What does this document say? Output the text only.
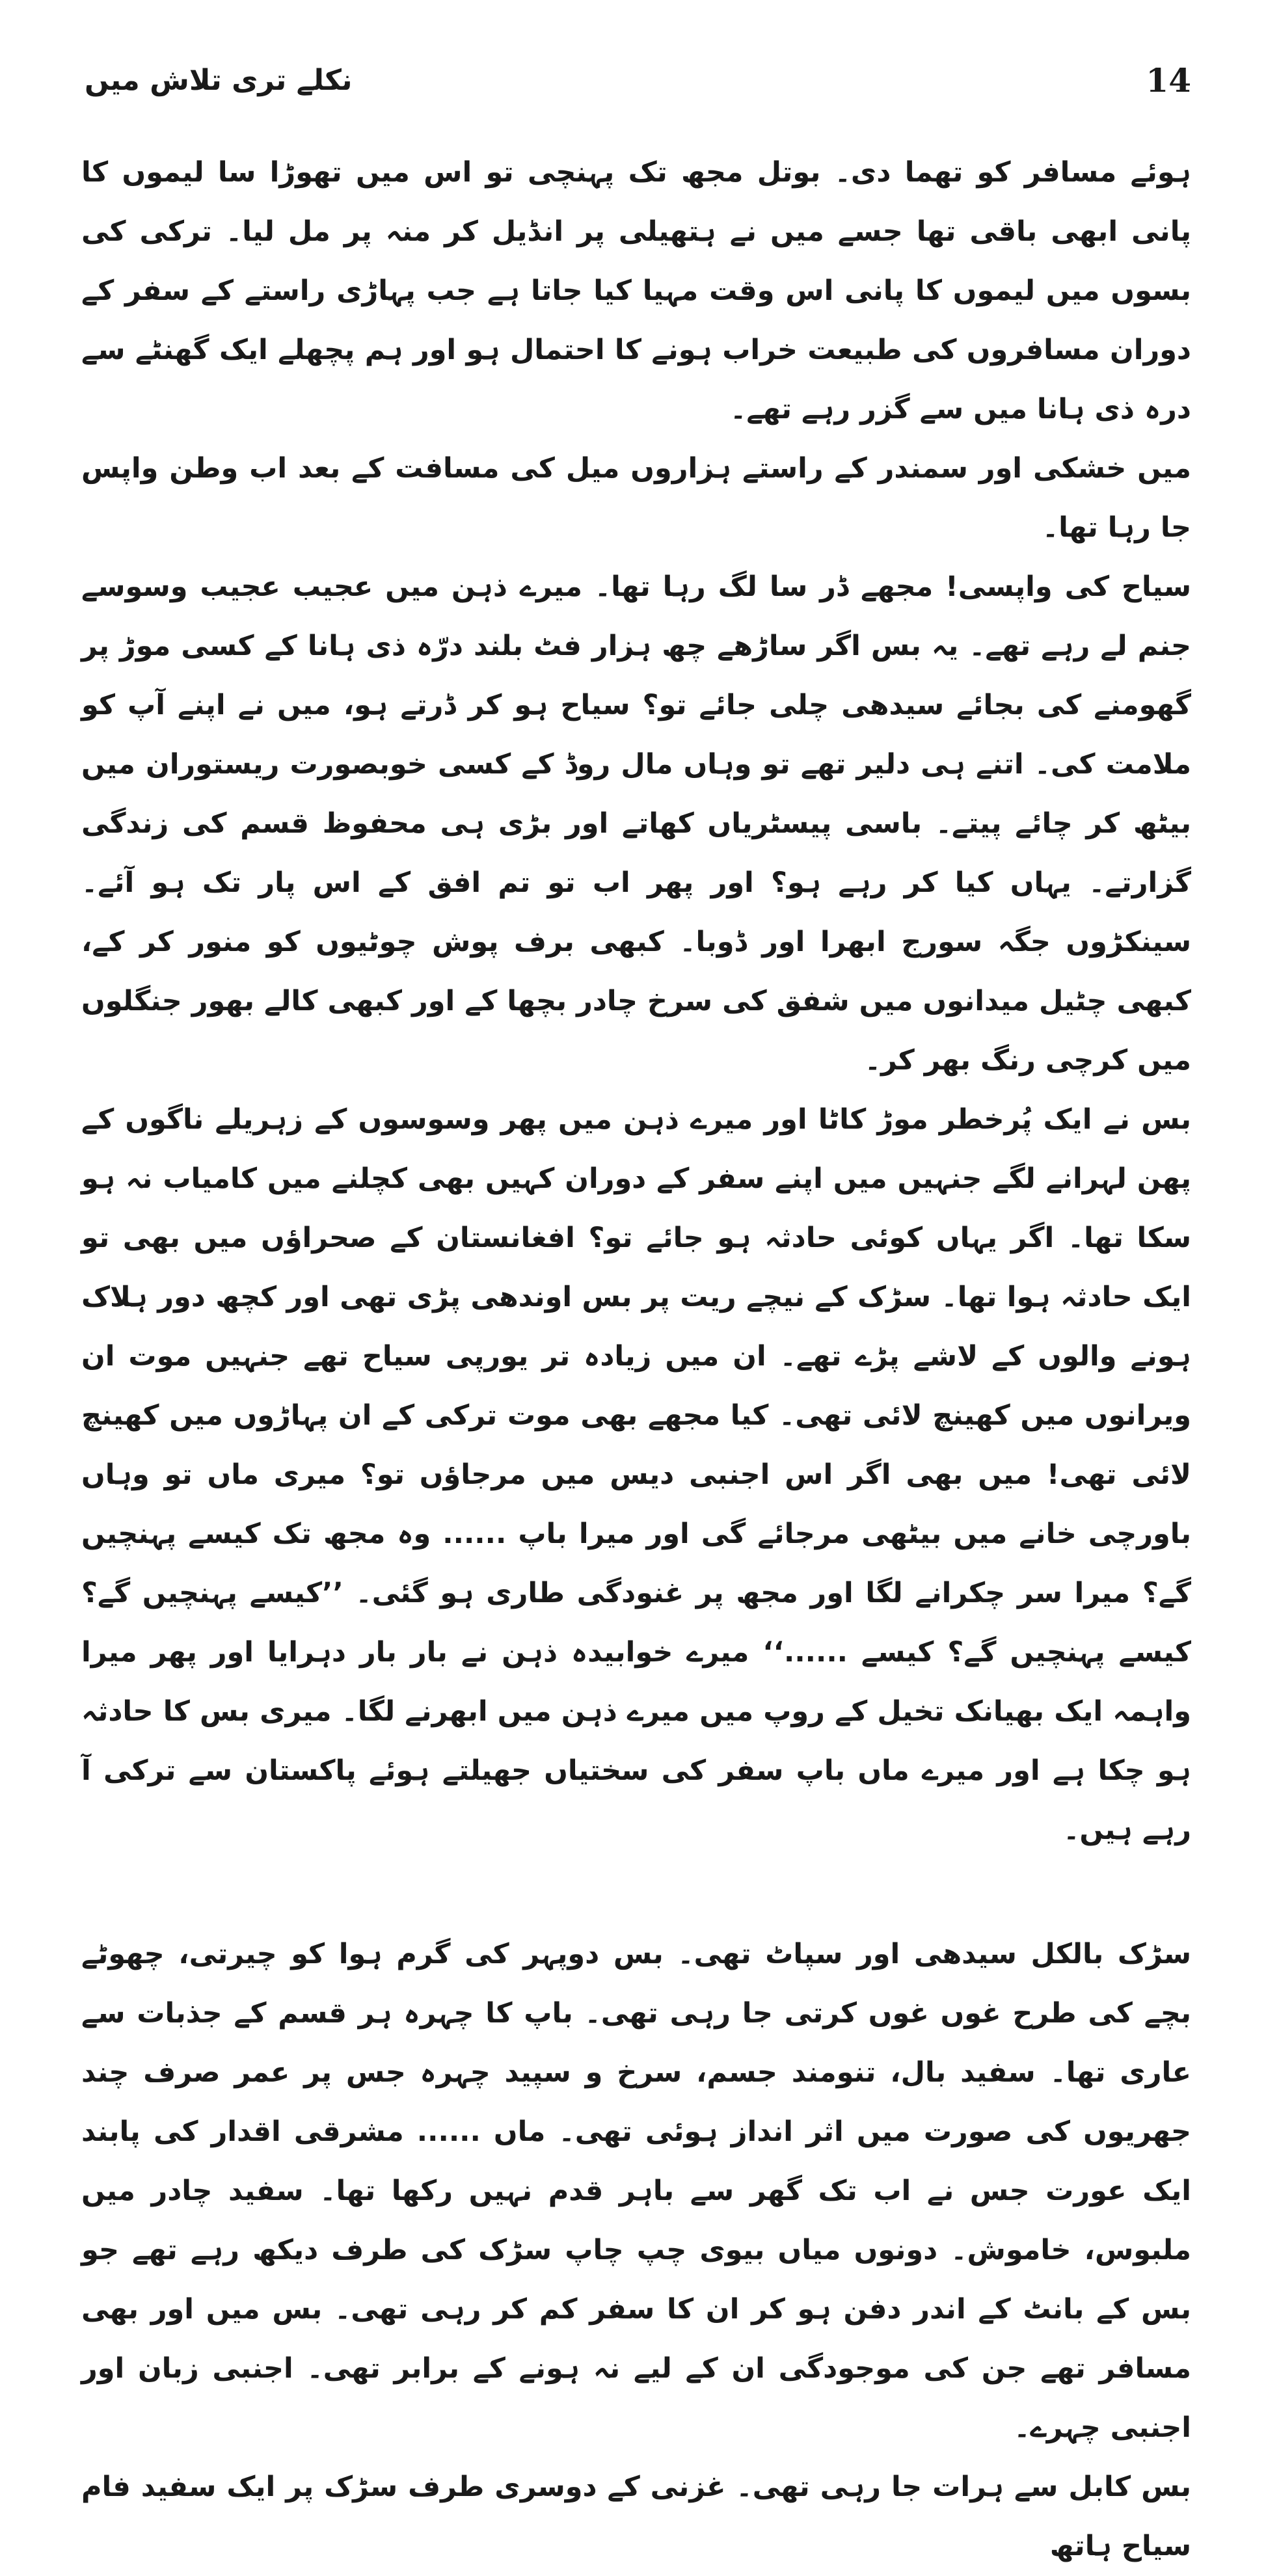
نکلے تری تلاش میں	14

ہوئے مسافر کو تھما دی۔ بوتل مجھ تک پہنچی تو اس میں تھوڑا سا لیموں کا پانی ابھی باقی تھا جسے میں نے ہتھیلی پر انڈیل کر منہ پر مل لیا۔ ترکی کی بسوں میں لیموں کا پانی اس وقت مہیا کیا جاتا ہے جب پہاڑی راستے کے سفر کے دوران مسافروں کی طبیعت خراب ہونے کا احتمال ہو اور ہم پچھلے ایک گھنٹے سے درہ ذی ہانا میں سے گزر رہے تھے۔

میں خشکی اور سمندر کے راستے ہزاروں میل کی مسافت کے بعد اب وطن واپس جا رہا تھا۔

سیاح کی واپسی! مجھے ڈر سا لگ رہا تھا۔ میرے ذہن میں عجیب عجیب وسوسے جنم لے رہے تھے۔ یہ بس اگر ساڑھے چھ ہزار فٹ بلند درّہ ذی ہانا کے کسی موڑ پر گھومنے کی بجائے سیدھی چلی جائے تو؟ سیاح ہو کر ڈرتے ہو، میں نے اپنے آپ کو ملامت کی۔ اتنے ہی دلیر تھے تو وہاں مال روڈ کے کسی خوبصورت ریستوران میں بیٹھ کر چائے پیتے۔ باسی پیسٹریاں کھاتے اور بڑی ہی محفوظ قسم کی زندگی گزارتے۔ یہاں کیا کر رہے ہو؟ اور پھر اب تو تم افق کے اس پار تک ہو آئے۔ سینکڑوں جگہ سورج ابھرا اور ڈوبا۔ کبھی برف پوش چوٹیوں کو منور کر کے، کبھی چٹیل میدانوں میں شفق کی سرخ چادر بچھا کے اور کبھی کالے بھور جنگلوں میں کرچی رنگ بھر کر۔

بس نے ایک پُرخطر موڑ کاٹا اور میرے ذہن میں پھر وسوسوں کے زہریلے ناگوں کے پھن لہرانے لگے جنہیں میں اپنے سفر کے دوران کہیں بھی کچلنے میں کامیاب نہ ہو سکا تھا۔ اگر یہاں کوئی حادثہ ہو جائے تو؟ افغانستان کے صحراؤں میں بھی تو ایک حادثہ ہوا تھا۔ سڑک کے نیچے ریت پر بس اوندھی پڑی تھی اور کچھ دور ہلاک ہونے والوں کے لاشے پڑے تھے۔ ان میں زیادہ تر یورپی سیاح تھے جنہیں موت ان ویرانوں میں کھینچ لائی تھی۔ کیا مجھے بھی موت ترکی کے ان پہاڑوں میں کھینچ لائی تھی! میں بھی اگر اس اجنبی دیس میں مرجاؤں تو؟ میری ماں تو وہاں باورچی خانے میں بیٹھی مرجائے گی اور میرا باپ ...... وہ مجھ تک کیسے پہنچیں گے؟ میرا سر چکرانے لگا اور مجھ پر غنودگی طاری ہو گئی۔ ’’کیسے پہنچیں گے؟ کیسے پہنچیں گے؟ کیسے ......‘‘ میرے خوابیدہ ذہن نے بار بار دہرایا اور پھر میرا واہمہ ایک بھیانک تخیل کے روپ میں میرے ذہن میں ابھرنے لگا۔ میری بس کا حادثہ ہو چکا ہے اور میرے ماں باپ سفر کی سختیاں جھیلتے ہوئے پاکستان سے ترکی آ رہے ہیں۔

سڑک بالکل سیدھی اور سپاٹ تھی۔ بس دوپہر کی گرم ہوا کو چیرتی، چھوٹے بچے کی طرح غوں غوں کرتی جا رہی تھی۔ باپ کا چہرہ ہر قسم کے جذبات سے عاری تھا۔ سفید بال، تنومند جسم، سرخ و سپید چہرہ جس پر عمر صرف چند جھریوں کی صورت میں اثر انداز ہوئی تھی۔ ماں ...... مشرقی اقدار کی پابند ایک عورت جس نے اب تک گھر سے باہر قدم نہیں رکھا تھا۔ سفید چادر میں ملبوس، خاموش۔ دونوں میاں بیوی چپ چاپ سڑک کی طرف دیکھ رہے تھے جو بس کے بانٹ کے اندر دفن ہو کر ان کا سفر کم کر رہی تھی۔ بس میں اور بھی مسافر تھے جن کی موجودگی ان کے لیے نہ ہونے کے برابر تھی۔ اجنبی زبان اور اجنبی چہرے۔

بس کابل سے ہرات جا رہی تھی۔ غزنی کے دوسری طرف سڑک پر ایک سفید فام سیاح ہاتھ
